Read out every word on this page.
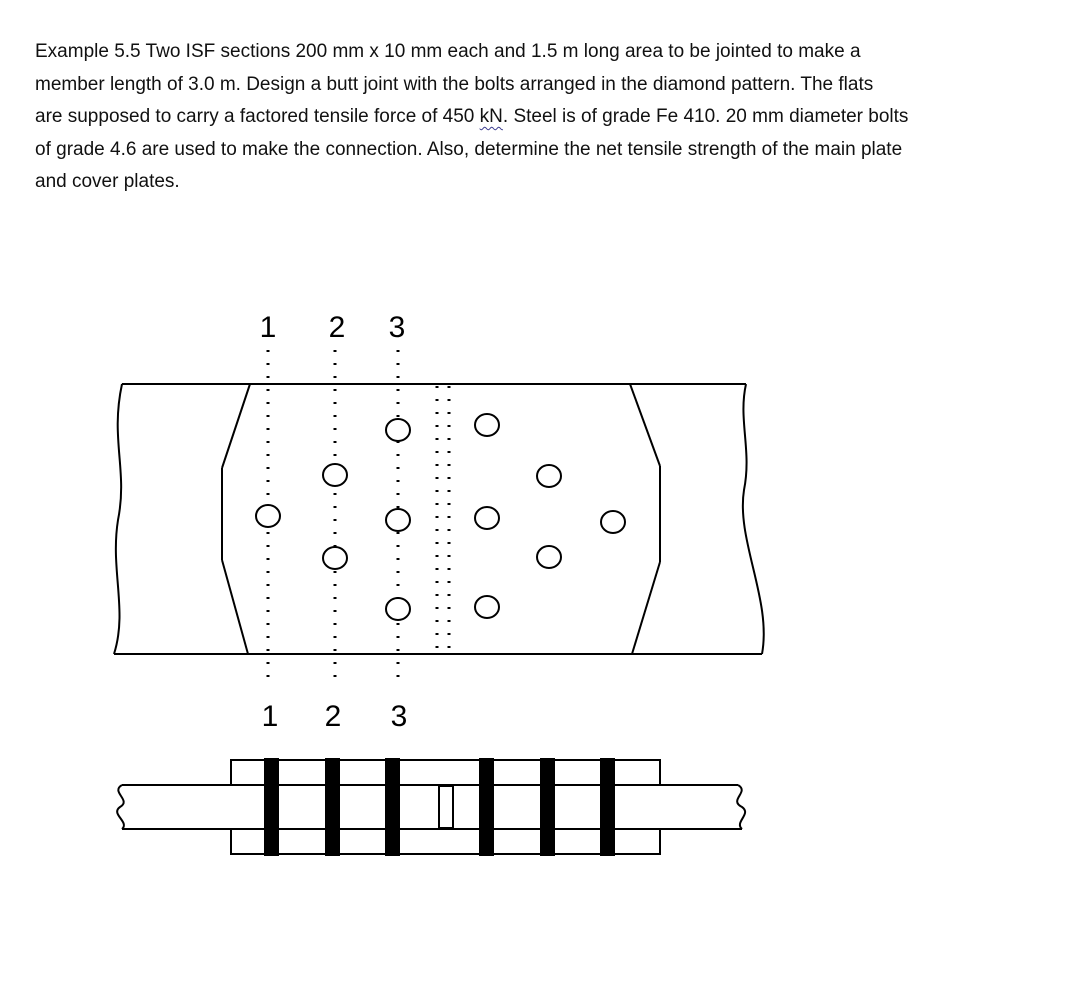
Example 5.5 Two ISF sections 200 mm x 10 mm each and 1.5 m long area to be jointed to make a
member length of 3.0 m. Design a butt joint with the bolts arranged in the diamond pattern. The flats
are supposed to carry a factored tensile force of 450 kN. Steel is of grade Fe 410. 20 mm diameter bolts
of grade 4.6 are used to make the connection. Also, determine the net tensile strength of the main plate
and cover plates.
1 2 3
1 2 3
